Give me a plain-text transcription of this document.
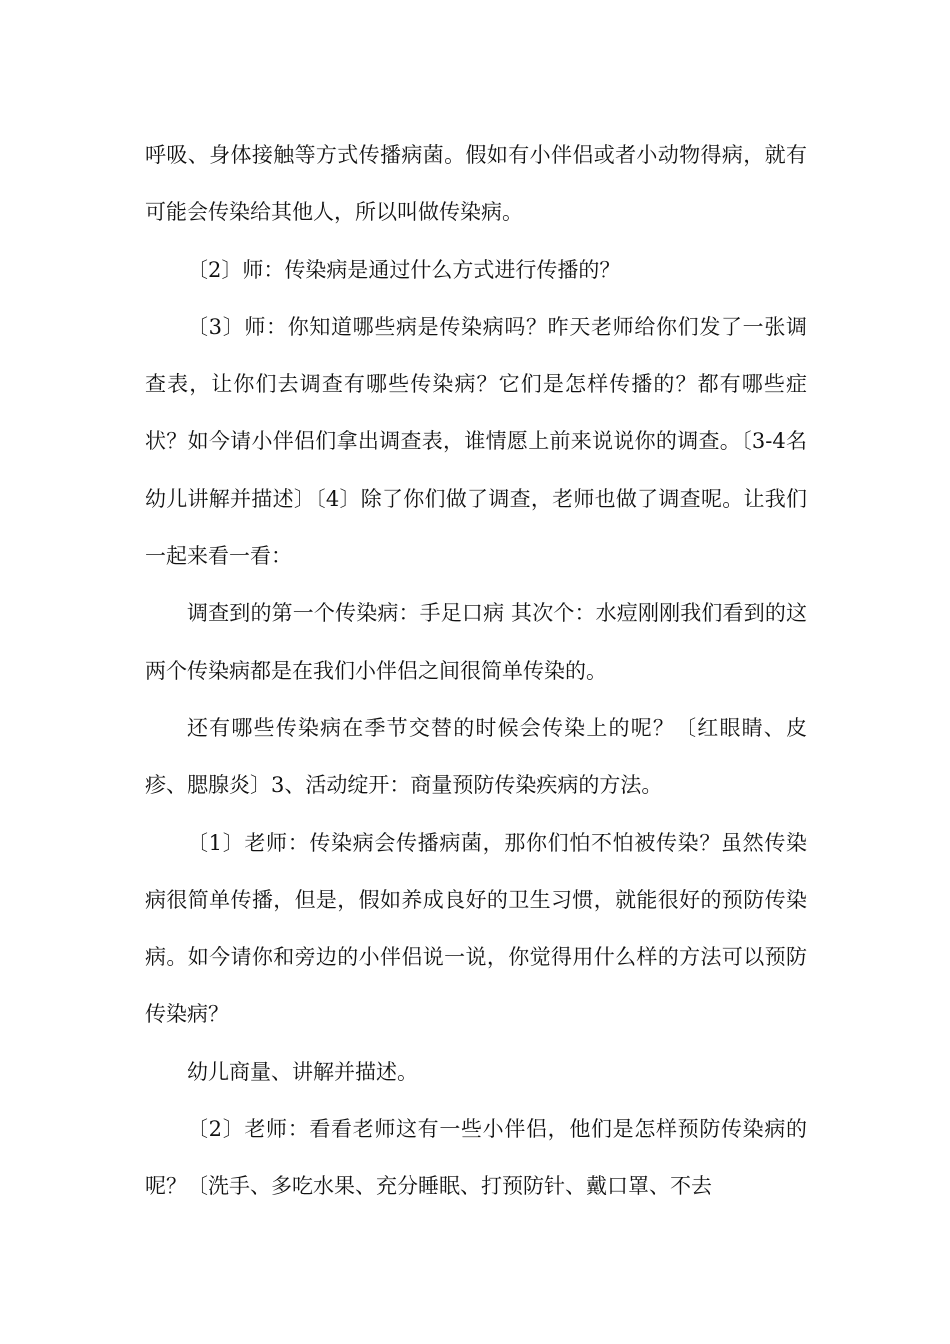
呼吸、身体接触等方式传播病菌。假如有小伴侣或者小动物得病，就有可能会传染给其他人，所以叫做传染病。

〔2〕师：传染病是通过什么方式进行传播的？

〔3〕师：你知道哪些病是传染病吗？昨天老师给你们发了一张调查表，让你们去调查有哪些传染病？它们是怎样传播的？都有哪些症状？如今请小伴侣们拿出调查表，谁情愿上前来说说你的调查。〔3-4名幼儿讲解并描述〕〔4〕除了你们做了调查，老师也做了调查呢。让我们一起来看一看：

调查到的第一个传染病：手足口病 其次个：水痘刚刚我们看到的这两个传染病都是在我们小伴侣之间很简单传染的。

还有哪些传染病在季节交替的时候会传染上的呢？〔红眼睛、皮疹、腮腺炎〕3、活动绽开：商量预防传染疾病的方法。

〔1〕老师：传染病会传播病菌，那你们怕不怕被传染？虽然传染病很简单传播，但是，假如养成良好的卫生习惯，就能很好的预防传染病。如今请你和旁边的小伴侣说一说，你觉得用什么样的方法可以预防传染病？

幼儿商量、讲解并描述。

〔2〕老师：看看老师这有一些小伴侣，他们是怎样预防传染病的呢？〔洗手、多吃水果、充分睡眠、打预防针、戴口罩、不去
